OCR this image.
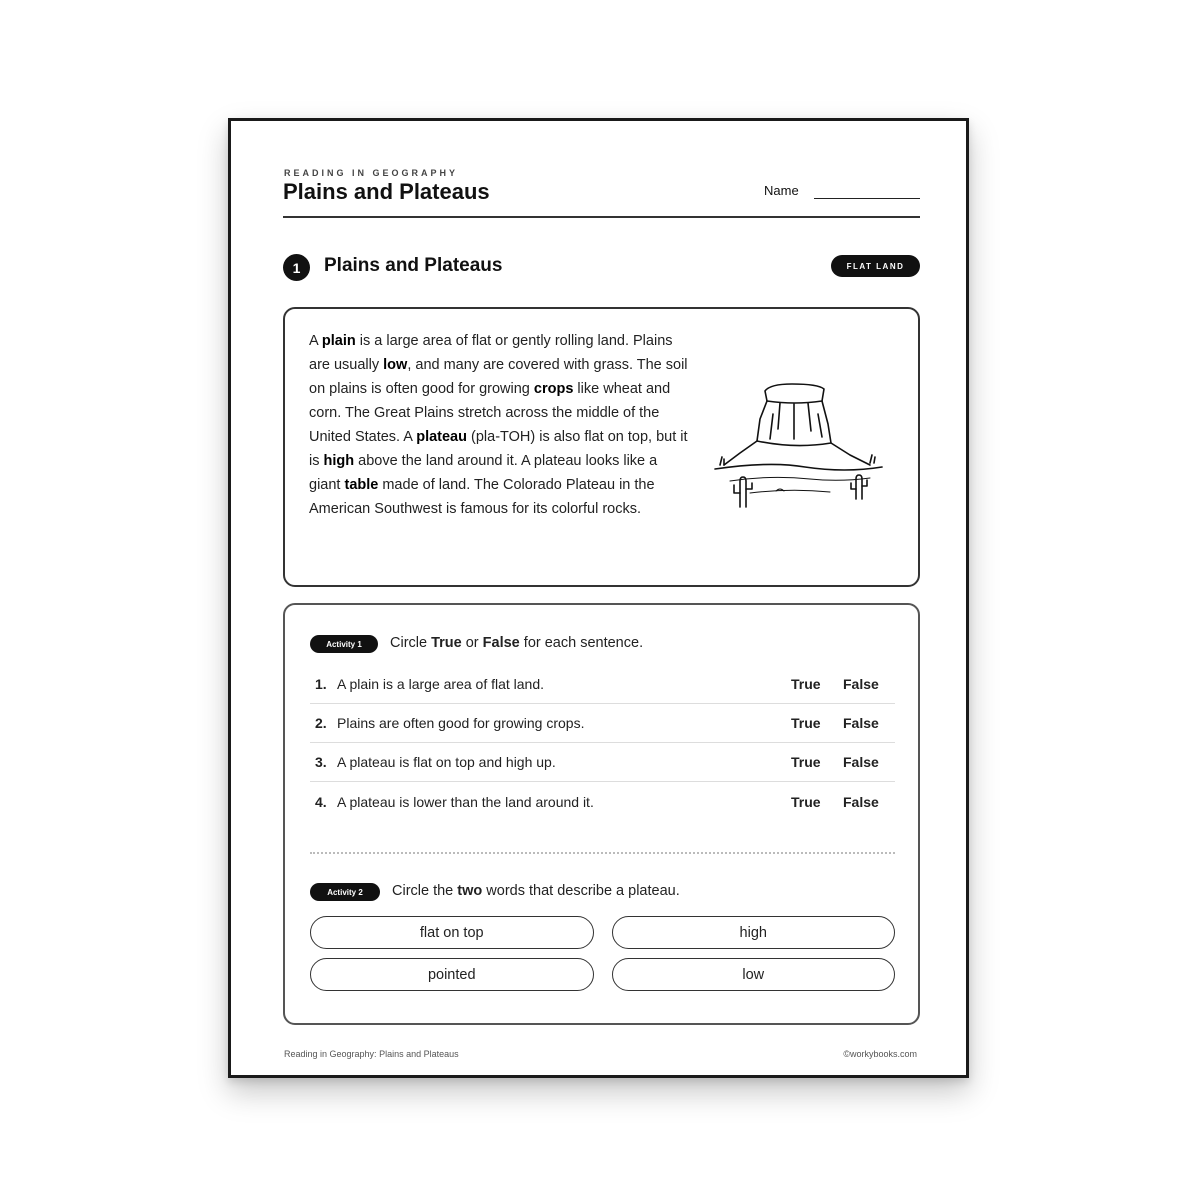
READING IN GEOGRAPHY
Plains and Plateaus	Name
1	Plains and Plateaus	FLAT LAND
A plain is a large area of flat or gently rolling land. Plains are usually low, and many are covered with grass. The soil on plains is often good for growing crops like wheat and corn. The Great Plains stretch across the middle of the United States. A plateau (pla-TOH) is also flat on top, but it is high above the land around it. A plateau looks like a giant table made of land. The Colorado Plateau in the American Southwest is famous for its colorful rocks.
Activity 1	Circle True or False for each sentence.
1. A plain is a large area of flat land.	True	False
2. Plains are often good for growing crops.	True	False
3. A plateau is flat on top and high up.	True	False
4. A plateau is lower than the land around it.	True	False
Activity 2	Circle the two words that describe a plateau.
flat on top	high
pointed	low
Reading in Geography: Plains and Plateaus	©workybooks.com
